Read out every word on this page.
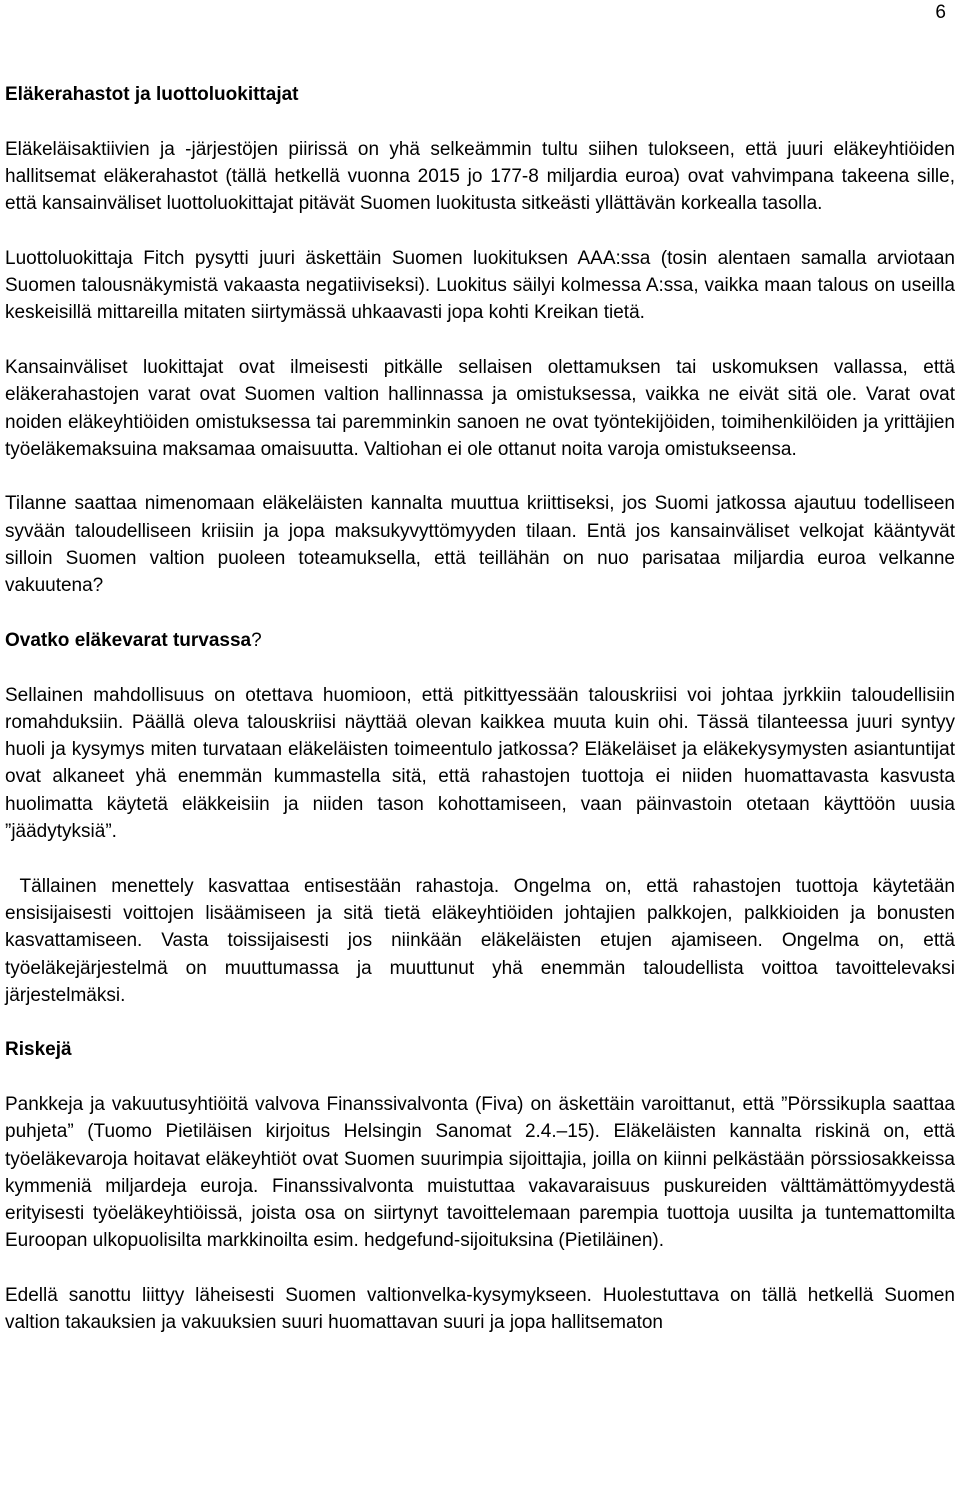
6
Eläkerahastot ja luottoluokittajat

Eläkeläisaktiivien ja -järjestöjen piirissä on yhä selkeämmin tultu siihen tulokseen, että juuri eläkeyhtiöiden hallitsemat eläkerahastot (tällä hetkellä vuonna 2015 jo 177-8 miljardia euroa) ovat vahvimpana takeena sille, että kansainväliset luottoluokittajat pitävät Suomen luokitusta sitkeästi yllättävän korkealla tasolla.

Luottoluokittaja Fitch pysytti juuri äskettäin Suomen luokituksen AAA:ssa (tosin alentaen samalla arviotaan Suomen talousnäkymistä vakaasta negatiiviseksi). Luokitus säilyi kolmessa A:ssa, vaikka maan talous on useilla keskeisillä mittareilla mitaten siirtymässä uhkaavasti jopa kohti Kreikan tietä.

Kansainväliset luokittajat ovat ilmeisesti pitkälle sellaisen olettamuksen tai uskomuksen vallassa, että eläkerahastojen varat ovat Suomen valtion hallinnassa ja omistuksessa, vaikka ne eivät sitä ole. Varat ovat noiden eläkeyhtiöiden omistuksessa tai paremminkin sanoen ne ovat työntekijöiden, toimihenkilöiden ja yrittäjien työeläkemaksuina maksamaa omaisuutta. Valtiohan ei ole ottanut noita varoja omistukseensa.

Tilanne saattaa nimenomaan eläkeläisten kannalta muuttua kriittiseksi, jos Suomi jatkossa ajautuu todelliseen syvään taloudelliseen kriisiin ja jopa maksukyvyttömyyden tilaan. Entä jos kansainväliset velkojat kääntyvät silloin Suomen valtion puoleen toteamuksella, että teillähän on nuo parisataa miljardia euroa velkanne vakuutena?

Ovatko eläkevarat turvassa?

Sellainen mahdollisuus on otettava huomioon, että pitkittyessään talouskriisi voi johtaa jyrkkiin taloudellisiin romahduksiin. Päällä oleva talouskriisi näyttää olevan kaikkea muuta kuin ohi. Tässä tilanteessa juuri syntyy huoli ja kysymys miten turvataan eläkeläisten toimeentulo jatkossa? Eläkeläiset ja eläkekysymysten asiantuntijat ovat alkaneet yhä enemmän kummastella sitä, että rahastojen tuottoja ei niiden huomattavasta kasvusta huolimatta käytetä eläkkeisiin ja niiden tason kohottamiseen, vaan päinvastoin otetaan käyttöön uusia ”jäädytyksiä”.

Tällainen menettely kasvattaa entisestään rahastoja. Ongelma on, että rahastojen tuottoja käytetään ensisijaisesti voittojen lisäämiseen ja sitä tietä eläkeyhtiöiden johtajien palkkojen, palkkioiden ja bonusten kasvattamiseen. Vasta toissijaisesti jos niinkään eläkeläisten etujen ajamiseen. Ongelma on, että työeläkejärjestelmä on muuttumassa ja muuttunut yhä enemmän taloudellista voittoa tavoittelevaksi järjestelmäksi.

Riskejä

Pankkeja ja vakuutusyhtiöitä valvova Finanssivalvonta (Fiva) on äskettäin varoittanut, että ”Pörssikupla saattaa puhjeta” (Tuomo Pietiläisen kirjoitus Helsingin Sanomat 2.4.–15). Eläkeläisten kannalta riskinä on, että työeläkevaroja hoitavat eläkeyhtiöt ovat Suomen suurimpia sijoittajia, joilla on kiinni pelkästään pörssiosakkeissa kymmeniä miljardeja euroja. Finanssivalvonta muistuttaa vakavaraisuus puskureiden välttämättömyydestä erityisesti työeläkeyhtiöissä, joista osa on siirtynyt tavoittelemaan parempia tuottoja uusilta ja tuntemattomilta Euroopan ulkopuolisilta markkinoilta esim. hedgefund-sijoituksina (Pietiläinen).

Edellä sanottu liittyy läheisesti Suomen valtionvelka-kysymykseen. Huolestuttava on tällä hetkellä Suomen valtion takauksien ja vakuuksien suuri huomattavan suuri ja jopa hallitsematon
